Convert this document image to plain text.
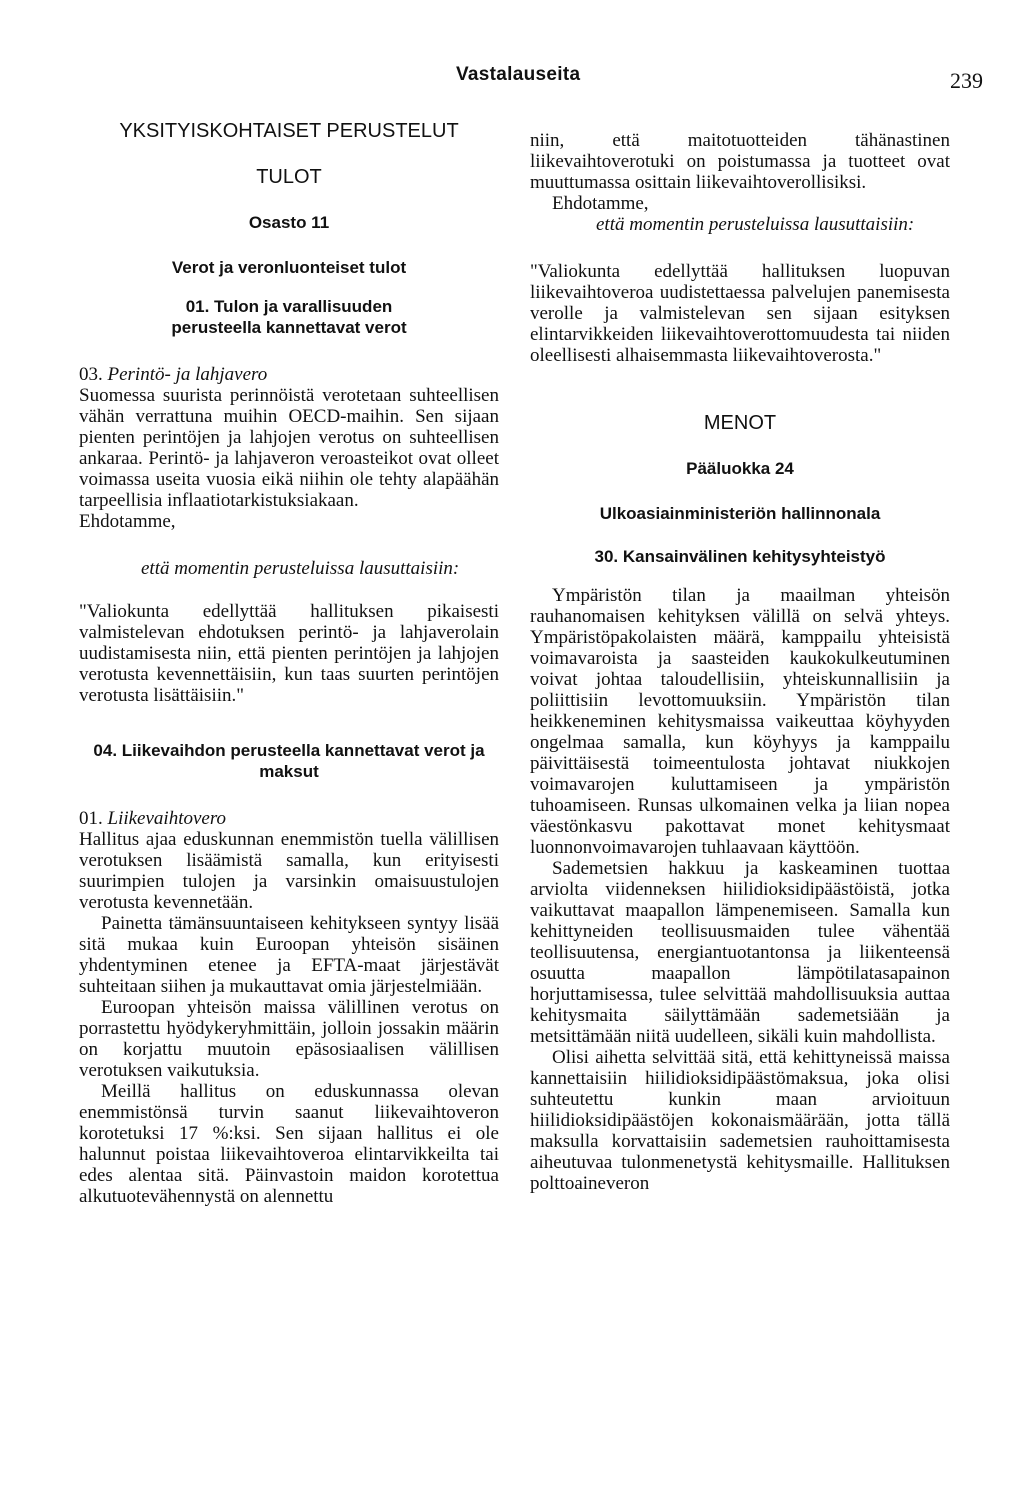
Vastalauseita	239
YKSITYISKOHTAISET PERUSTELUT
TULOT
Osasto 11
Verot ja veronluonteiset tulot
01. Tulon ja varallisuuden perusteella kannettavat verot

03. Perintö- ja lahjavero

Suomessa suurista perinnöistä verotetaan suhteellisen vähän verrattuna muihin OECD-maihin. Sen sijaan pienten perintöjen ja lahjojen verotus on suhteellisen ankaraa. Perintö- ja lahjaveron veroasteikot ovat olleet voimassa useita vuosia eikä niihin ole tehty alapäähän tarpeellisia inflaatiotarkistuksiakaan.

Ehdotamme,

että momentin perusteluissa lausuttaisiin:

"Valiokunta edellyttää hallituksen pikaisesti valmistelevan ehdotuksen perintö- ja lahjaverolain uudistamisesta niin, että pienten perintöjen ja lahjojen verotusta kevennettäisiin, kun taas suurten perintöjen verotusta lisättäisiin."

04. Liikevaihdon perusteella kannettavat verot ja maksut

01. Liikevaihtovero

Hallitus ajaa eduskunnan enemmistön tuella välillisen verotuksen lisäämistä samalla, kun erityisesti suurimpien tulojen ja varsinkin omaisuustulojen verotusta kevennetään.

Painetta tämänsuuntaiseen kehitykseen syntyy lisää sitä mukaa kuin Euroopan yhteisön sisäinen yhdentyminen etenee ja EFTA-maat järjestävät suhteitaan siihen ja mukauttavat omia järjestelmiään.

Euroopan yhteisön maissa välillinen verotus on porrastettu hyödykeryhmittäin, jolloin jossakin määrin on korjattu muutoin epäsosiaalisen välillisen verotuksen vaikutuksia.

Meillä hallitus on eduskunnassa olevan enemmistönsä turvin saanut liikevaihtoveron korotetuksi 17 %:ksi. Sen sijaan hallitus ei ole halunnut poistaa liikevaihtoveroa elintarvikkeilta tai edes alentaa sitä. Päinvastoin maidon korotettua alkutuotevähennystä on alennettu

niin, että maitotuotteiden tähänastinen liikevaihtoverotuki on poistumassa ja tuotteet ovat muuttumassa osittain liikevaihtoverollisiksi.

Ehdotamme,

että momentin perusteluissa lausuttaisiin:

"Valiokunta edellyttää hallituksen luopuvan liikevaihtoveroa uudistettaessa palvelujen panemisesta verolle ja valmistelevan sen sijaan esityksen elintarvikkeiden liikevaihtoverottomuudesta tai niiden oleellisesti alhaisemmasta liikevaihtoverosta."

MENOT
Pääluokka 24
Ulkoasiainministeriön hallinnonala
30. Kansainvälinen kehitysyhteistyö

Ympäristön tilan ja maailman yhteisön rauhanomaisen kehityksen välillä on selvä yhteys. Ympäristöpakolaisten määrä, kamppailu yhteisistä voimavaroista ja saasteiden kaukokulkeutuminen voivat johtaa taloudellisiin, yhteiskunnallisiin ja poliittisiin levottomuuksiin. Ympäristön tilan heikkeneminen kehitysmaissa vaikeuttaa köyhyyden ongelmaa samalla, kun köyhyys ja kamppailu päivittäisestä toimeentulosta johtavat niukkojen voimavarojen kuluttamiseen ja ympäristön tuhoamiseen. Runsas ulkomainen velka ja liian nopea väestönkasvu pakottavat monet kehitysmaat luonnonvoimavarojen tuhlaavaan käyttöön.

Sademetsien hakkuu ja kaskeaminen tuottaa arviolta viidenneksen hiilidioksidipäästöistä, jotka vaikuttavat maapallon lämpenemiseen. Samalla kun kehittyneiden teollisuusmaiden tulee vähentää teollisuutensa, energiantuotantonsa ja liikenteensä osuutta maapallon lämpötilatasapainon horjuttamisessa, tulee selvittää mahdollisuuksia auttaa kehitysmaita säilyttämään sademetsiään ja metsittämään niitä uudelleen, sikäli kuin mahdollista.

Olisi aihetta selvittää sitä, että kehittyneissä maissa kannettaisiin hiilidioksidipäästömaksua, joka olisi suhteutettu kunkin maan arvioituun hiilidioksidipäästöjen kokonaismäärään, jotta tällä maksulla korvattaisiin sademetsien rauhoittamisesta aiheutuvaa tulonmenetystä kehitysmaille. Hallituksen polttoaineveron
